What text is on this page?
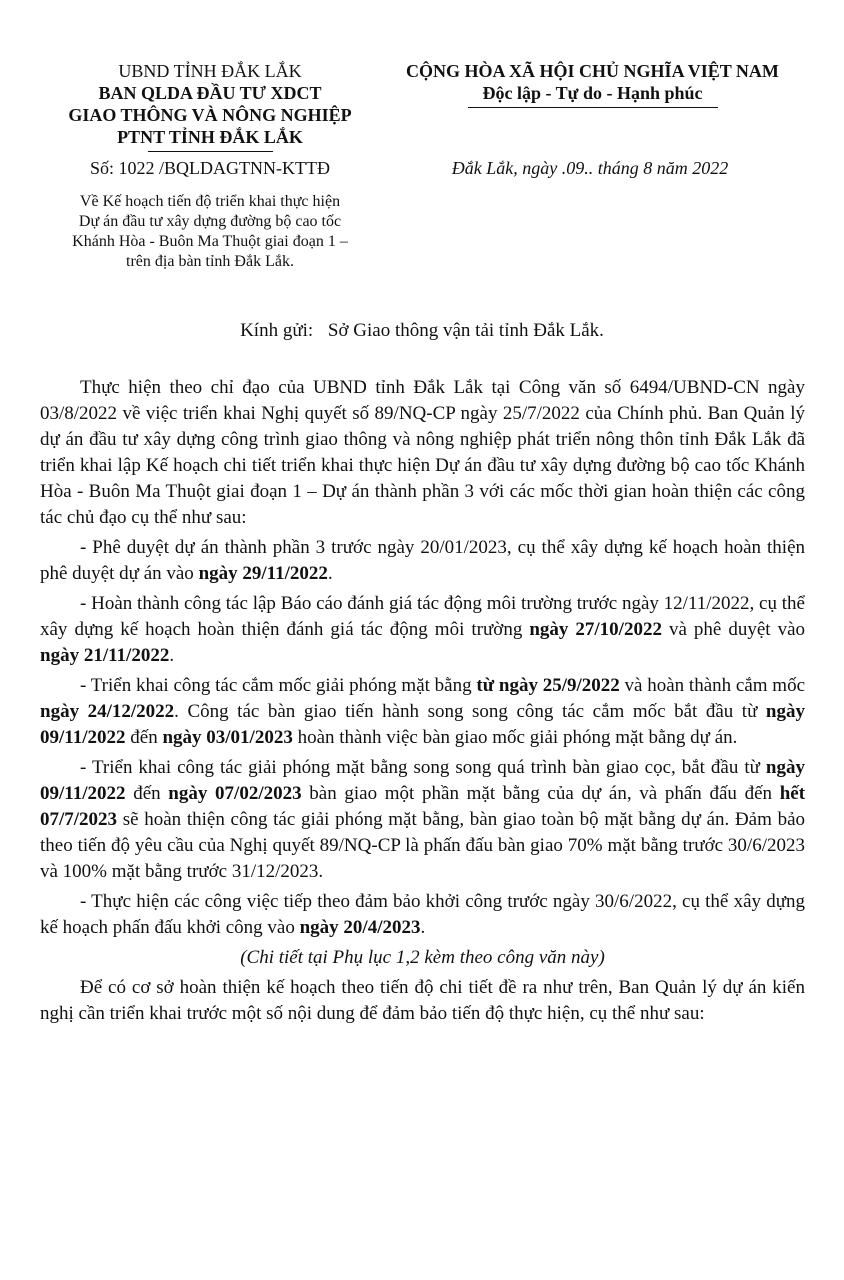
UBND TỈNH ĐẮK LẮK
BAN QLDA ĐẦU TƯ XDCT
GIAO THÔNG VÀ NÔNG NGHIỆP
PTNT TỈNH ĐẮK LẮK
CỘNG HÒA XÃ HỘI CHỦ NGHĨA VIỆT NAM
Độc lập - Tự do - Hạnh phúc
Số: 1022 /BQLDAGTNN-KTTĐ	Đắk Lắk, ngày .09.. tháng 8 năm 2022
Về Kế hoạch tiến độ triển khai thực hiện
Dự án đầu tư xây dựng đường bộ cao tốc
Khánh Hòa - Buôn Ma Thuột giai đoạn 1 –
trên địa bàn tỉnh Đắk Lắk.
Kính gửi: Sở Giao thông vận tải tỉnh Đắk Lắk.

Thực hiện theo chỉ đạo của UBND tỉnh Đắk Lắk tại Công văn số 6494/UBND-CN ngày 03/8/2022 về việc triển khai Nghị quyết số 89/NQ-CP ngày 25/7/2022 của Chính phủ. Ban Quản lý dự án đầu tư xây dựng công trình giao thông và nông nghiệp phát triển nông thôn tỉnh Đắk Lắk đã triển khai lập Kế hoạch chi tiết triển khai thực hiện Dự án đầu tư xây dựng đường bộ cao tốc Khánh Hòa - Buôn Ma Thuột giai đoạn 1 – Dự án thành phần 3 với các mốc thời gian hoàn thiện các công tác chủ đạo cụ thể như sau:

- Phê duyệt dự án thành phần 3 trước ngày 20/01/2023, cụ thể xây dựng kế hoạch hoàn thiện phê duyệt dự án vào ngày 29/11/2022.

- Hoàn thành công tác lập Báo cáo đánh giá tác động môi trường trước ngày 12/11/2022, cụ thể xây dựng kế hoạch hoàn thiện đánh giá tác động môi trường ngày 27/10/2022 và phê duyệt vào ngày 21/11/2022.

- Triển khai công tác cắm mốc giải phóng mặt bằng từ ngày 25/9/2022 và hoàn thành cắm mốc ngày 24/12/2022. Công tác bàn giao tiến hành song song công tác cắm mốc bắt đầu từ ngày 09/11/2022 đến ngày 03/01/2023 hoàn thành việc bàn giao mốc giải phóng mặt bằng dự án.

- Triển khai công tác giải phóng mặt bằng song song quá trình bàn giao cọc, bắt đầu từ ngày 09/11/2022 đến ngày 07/02/2023 bàn giao một phần mặt bằng của dự án, và phấn đấu đến hết 07/7/2023 sẽ hoàn thiện công tác giải phóng mặt bằng, bàn giao toàn bộ mặt bằng dự án. Đảm bảo theo tiến độ yêu cầu của Nghị quyết 89/NQ-CP là phấn đấu bàn giao 70% mặt bằng trước 30/6/2023 và 100% mặt bằng trước 31/12/2023.

- Thực hiện các công việc tiếp theo đảm bảo khởi công trước ngày 30/6/2022, cụ thể xây dựng kế hoạch phấn đấu khởi công vào ngày 20/4/2023.

(Chi tiết tại Phụ lục 1,2 kèm theo công văn này)

Để có cơ sở hoàn thiện kế hoạch theo tiến độ chi tiết đề ra như trên, Ban Quản lý dự án kiến nghị cần triển khai trước một số nội dung để đảm bảo tiến độ thực hiện, cụ thể như sau:
